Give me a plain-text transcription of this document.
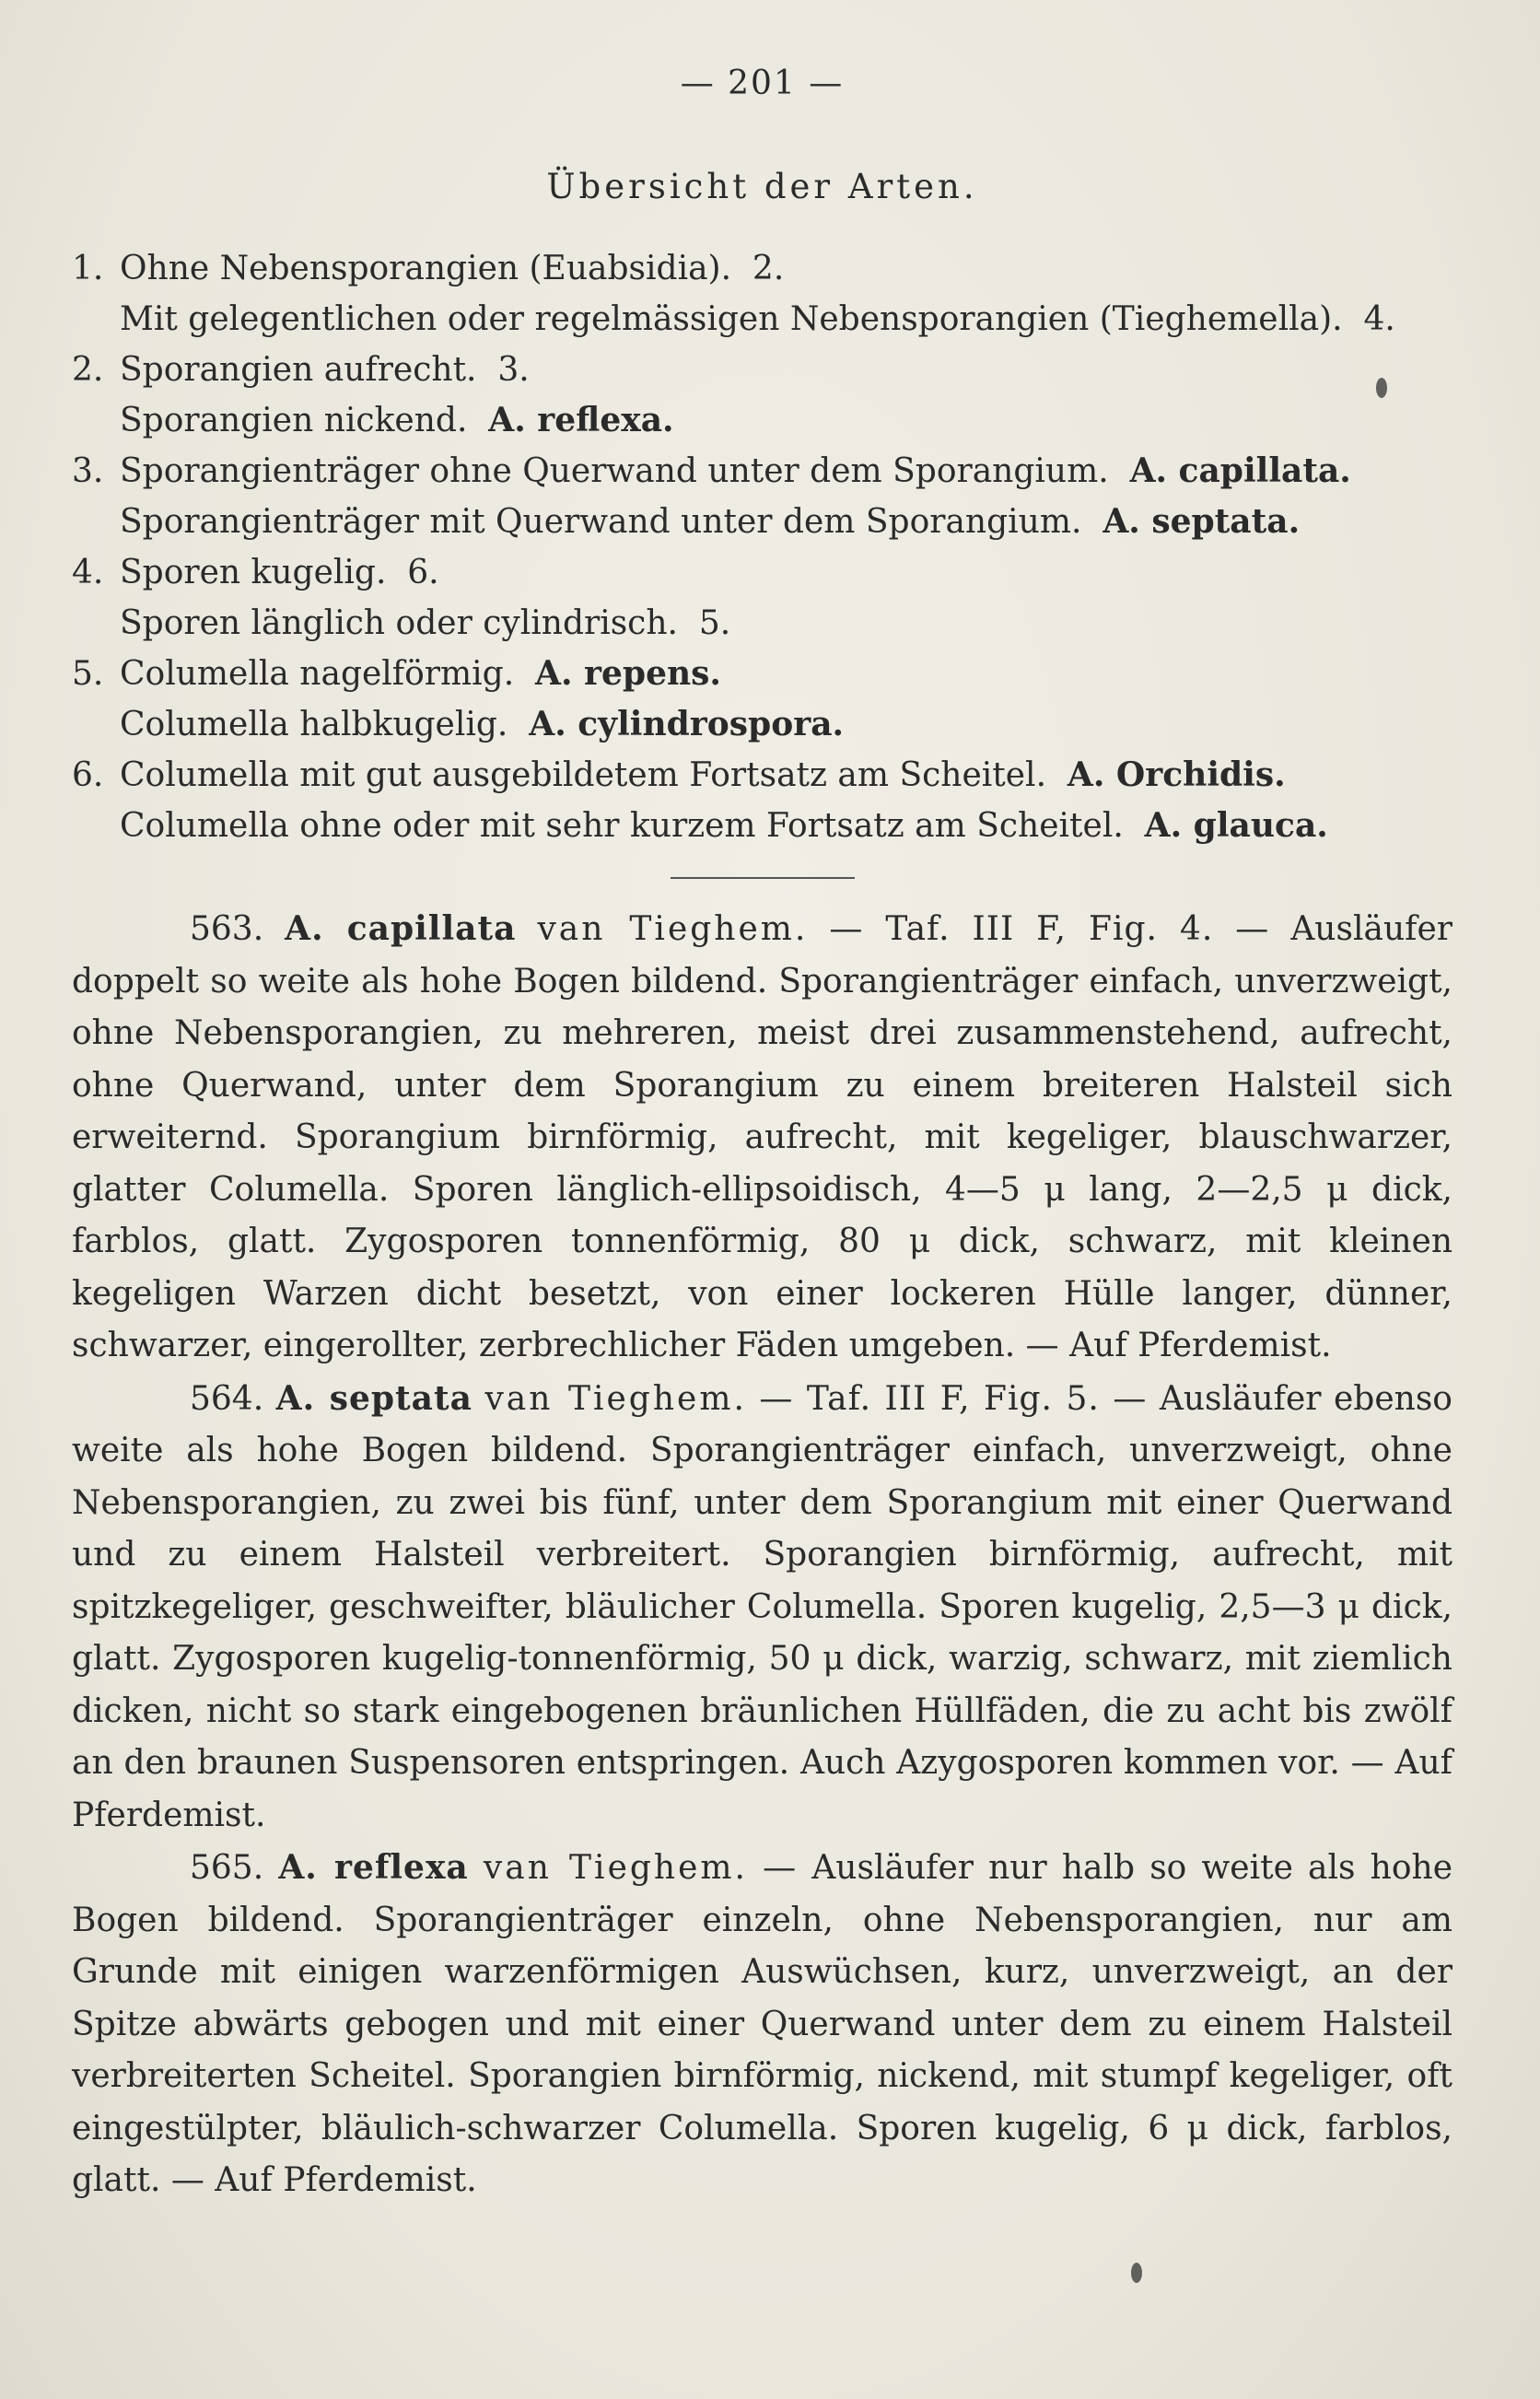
— 201 —
Übersicht der Arten.
1. Ohne Nebensporangien (Euabsidia).  2.
Mit gelegentlichen oder regelmässigen Nebensporangien (Tieghemella).  4.
2. Sporangien aufrecht.  3.
Sporangien nickend.  A. reflexa.
3. Sporangienträger ohne Querwand unter dem Sporangium.  A. capillata.
Sporangienträger mit Querwand unter dem Sporangium.  A. septata.
4. Sporen kugelig.  6.
Sporen länglich oder cylindrisch.  5.
5. Columella nagelförmig.  A. repens.
Columella halbkugelig.  A. cylindrospora.
6. Columella mit gut ausgebildetem Fortsatz am Scheitel.  A. Orchidis.
Columella ohne oder mit sehr kurzem Fortsatz am Scheitel.  A. glauca.

563. A. capillata van Tieghem. — Taf. III F, Fig. 4. — Ausläufer doppelt so weite als hohe Bogen bildend. Sporangienträger einfach, unverzweigt, ohne Nebensporangien, zu mehreren, meist drei zusammenstehend, aufrecht, ohne Querwand, unter dem Sporangium zu einem breiteren Halsteil sich erweiternd. Sporangium birnförmig, aufrecht, mit kegeliger, blauschwarzer, glatter Columella. Sporen länglich-ellipsoidisch, 4—5 μ lang, 2—2,5 μ dick, farblos, glatt. Zygosporen tonnenförmig, 80 μ dick, schwarz, mit kleinen kegeligen Warzen dicht besetzt, von einer lockeren Hülle langer, dünner, schwarzer, eingerollter, zerbrechlicher Fäden umgeben. — Auf Pferdemist.

564. A. septata van Tieghem. — Taf. III F, Fig. 5. — Ausläufer ebenso weite als hohe Bogen bildend. Sporangienträger einfach, unverzweigt, ohne Nebensporangien, zu zwei bis fünf, unter dem Sporangium mit einer Querwand und zu einem Halsteil verbreitert. Sporangien birnförmig, aufrecht, mit spitzkegeliger, geschweifter, bläulicher Columella. Sporen kugelig, 2,5—3 μ dick, glatt. Zygosporen kugelig-tonnenförmig, 50 μ dick, warzig, schwarz, mit ziemlich dicken, nicht so stark eingebogenen bräunlichen Hüllfäden, die zu acht bis zwölf an den braunen Suspensoren entspringen. Auch Azygosporen kommen vor. — Auf Pferdemist.

565. A. reflexa van Tieghem. — Ausläufer nur halb so weite als hohe Bogen bildend. Sporangienträger einzeln, ohne Nebensporangien, nur am Grunde mit einigen warzenförmigen Auswüchsen, kurz, unverzweigt, an der Spitze abwärts gebogen und mit einer Querwand unter dem zu einem Halsteil verbreiterten Scheitel. Sporangien birnförmig, nickend, mit stumpf kegeliger, oft eingestülpter, bläulich-schwarzer Columella. Sporen kugelig, 6 μ dick, farblos, glatt. — Auf Pferdemist.
